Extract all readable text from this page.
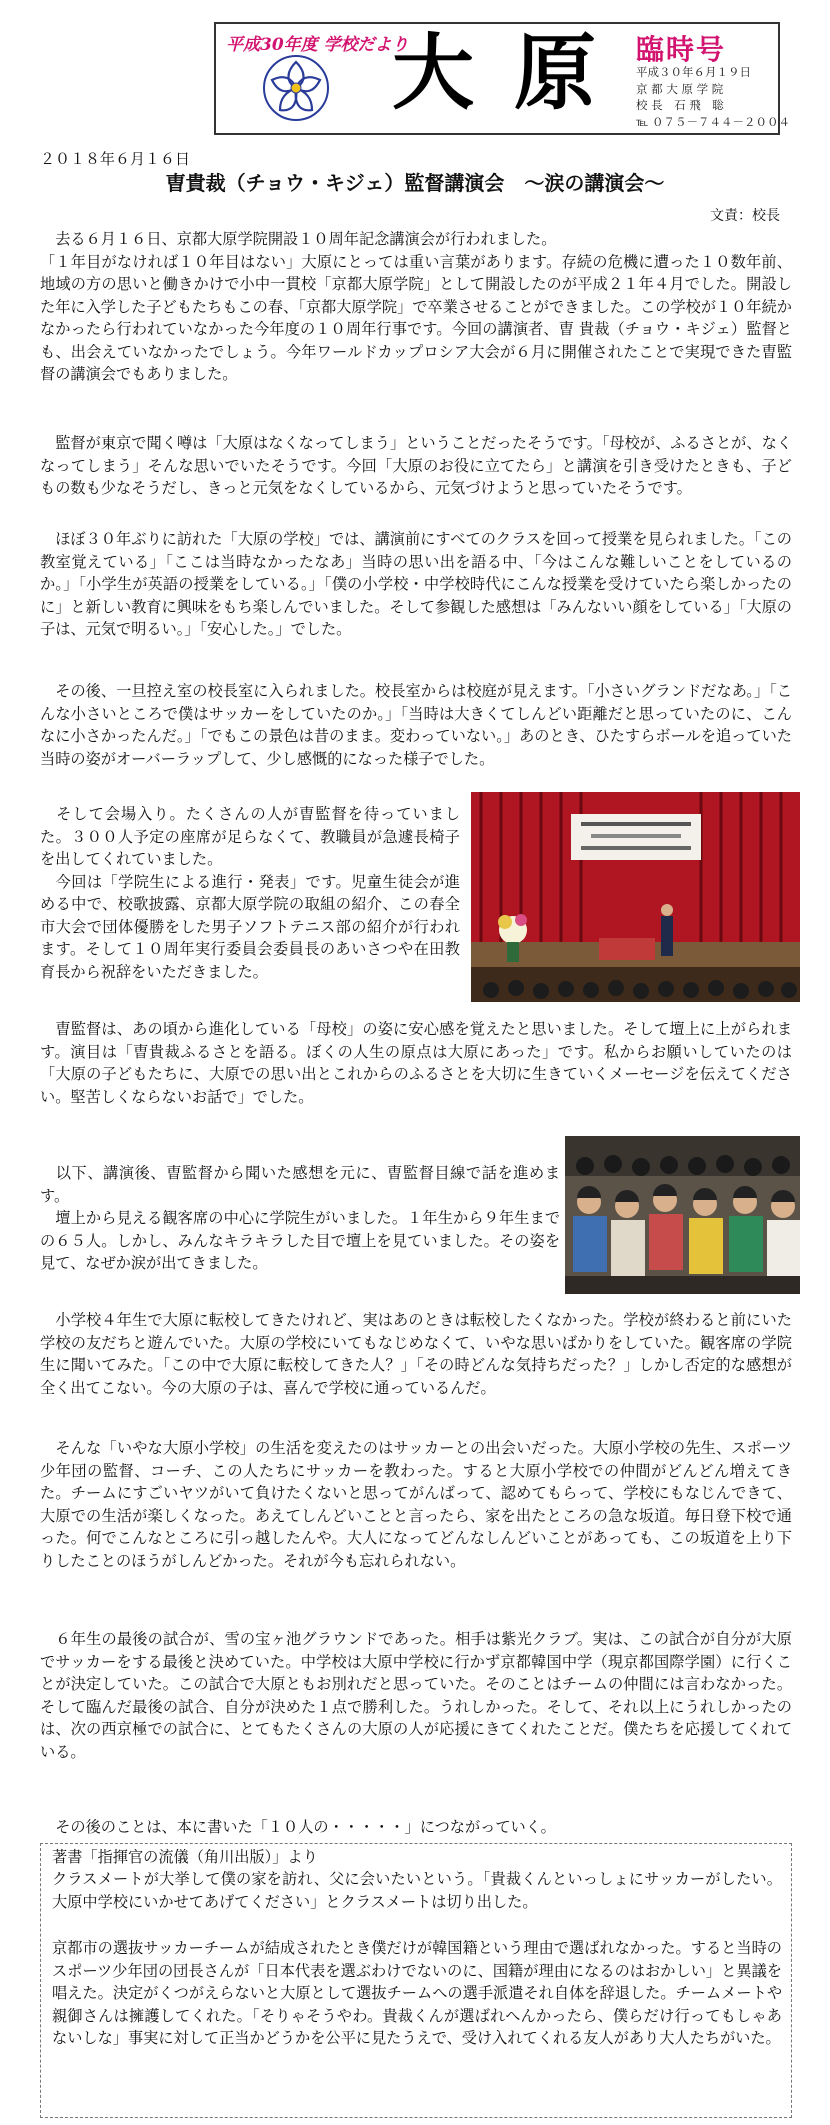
平成30年度 学校だより
大原 臨時号
平成３０年６月１９日
京 都 大 原 学 院
校 長　石 飛　聡
℡ ０７５－７４４－２００４
２０１８年６月１６日
曺貴裁（チョウ・キジェ）監督講演会　～涙の講演会～
文責：校長

　去る６月１６日、京都大原学院開設１０周年記念講演会が行われました。
「１年目がなければ１０年目はない」大原にとっては重い言葉があります。存続の危機に遭った１０数年前、地域の方の思いと働きかけで小中一貫校「京都大原学院」として開設したのが平成２１年４月でした。開設した年に入学した子どもたちもこの春、「京都大原学院」で卒業させることができました。この学校が１０年続かなかったら行われていなかった今年度の１０周年行事です。今回の講演者、曺 貴裁（チョウ・キジェ）監督とも、出会えていなかったでしょう。今年ワールドカップロシア大会が６月に開催されたことで実現できた曺監督の講演会でもありました。

　監督が東京で聞く噂は「大原はなくなってしまう」ということだったそうです。「母校が、ふるさとが、なくなってしまう」そんな思いでいたそうです。今回「大原のお役に立てたら」と講演を引き受けたときも、子どもの数も少なそうだし、きっと元気をなくしているから、元気づけようと思っていたそうです。

　ほぼ３０年ぶりに訪れた「大原の学校」では、講演前にすべてのクラスを回って授業を見られました。「この教室覚えている」「ここは当時なかったなあ」当時の思い出を語る中、「今はこんな難しいことをしているのか。」「小学生が英語の授業をしている。」「僕の小学校・中学校時代にこんな授業を受けていたら楽しかったのに」と新しい教育に興味をもち楽しんでいました。そして参観した感想は「みんないい顔をしている」「大原の子は、元気で明るい。」「安心した。」でした。

　その後、一旦控え室の校長室に入られました。校長室からは校庭が見えます。「小さいグランドだなあ。」「こんな小さいところで僕はサッカーをしていたのか。」「当時は大きくてしんどい距離だと思っていたのに、こんなに小さかったんだ。」「でもこの景色は昔のまま。変わっていない。」あのとき、ひたすらボールを追っていた当時の姿がオーバーラップして、少し感慨的になった様子でした。

　そして会場入り。たくさんの人が曺監督を待っていました。３００人予定の座席が足らなくて、教職員が急遽長椅子を出してくれていました。
　今回は「学院生による進行・発表」です。児童生徒会が進める中で、校歌披露、京都大原学院の取組の紹介、この春全市大会で団体優勝をした男子ソフトテニス部の紹介が行われます。そして１０周年実行委員会委員長のあいさつや在田教育長から祝辞をいただきました。

　曺監督は、あの頃から進化している「母校」の姿に安心感を覚えたと思いました。そして壇上に上がられます。演目は「曺貴裁ふるさとを語る。ぼくの人生の原点は大原にあった」です。私からお願いしていたのは「大原の子どもたちに、大原での思い出とこれからのふるさとを大切に生きていくメーセージを伝えてください。堅苦しくならないお話で」でした。

　以下、講演後、曺監督から聞いた感想を元に、曺監督目線で話を進めます。
　壇上から見える観客席の中心に学院生がいました。１年生から９年生までの６５人。しかし、みんなキラキラした目で壇上を見ていました。その姿を見て、なぜか涙が出てきました。

　小学校４年生で大原に転校してきたけれど、実はあのときは転校したくなかった。学校が終わると前にいた学校の友だちと遊んでいた。大原の学校にいてもなじめなくて、いやな思いばかりをしていた。観客席の学院生に聞いてみた。「この中で大原に転校してきた人？」「その時どんな気持ちだった？」しかし否定的な感想が全く出てこない。今の大原の子は、喜んで学校に通っているんだ。

　そんな「いやな大原小学校」の生活を変えたのはサッカーとの出会いだった。大原小学校の先生、スポーツ少年団の監督、コーチ、この人たちにサッカーを教わった。すると大原小学校での仲間がどんどん増えてきた。チームにすごいヤツがいて負けたくないと思ってがんばって、認めてもらって、学校にもなじんできて、大原での生活が楽しくなった。あえてしんどいことと言ったら、家を出たところの急な坂道。毎日登下校で通った。何でこんなところに引っ越したんや。大人になってどんなしんどいことがあっても、この坂道を上り下りしたことのほうがしんどかった。それが今も忘れられない。

　６年生の最後の試合が、雪の宝ヶ池グラウンドであった。相手は紫光クラブ。実は、この試合が自分が大原でサッカーをする最後と決めていた。中学校は大原中学校に行かず京都韓国中学（現京都国際学園）に行くことが決定していた。この試合で大原ともお別れだと思っていた。そのことはチームの仲間には言わなかった。そして臨んだ最後の試合、自分が決めた１点で勝利した。うれしかった。そして、それ以上にうれしかったのは、次の西京極での試合に、とてもたくさんの大原の人が応援にきてくれたことだ。僕たちを応援してくれている。

　その後のことは、本に書いた「１０人の・・・・・」につながっていく。

著書「指揮官の流儀（角川出版）」より

クラスメートが大挙して僕の家を訪れ、父に会いたいという。「貴裁くんといっしょにサッカーがしたい。大原中学校にいかせてあげてください」とクラスメートは切り出した。

京都市の選抜サッカーチームが結成されたとき僕だけが韓国籍という理由で選ばれなかった。すると当時のスポーツ少年団の団長さんが「日本代表を選ぶわけでないのに、国籍が理由になるのはおかしい」と異議を唱えた。決定がくつがえらないと大原として選抜チームへの選手派遣それ自体を辞退した。チームメートや親御さんは擁護してくれた。「そりゃそうやわ。貴裁くんが選ばれへんかったら、僕らだけ行ってもしゃあないしな」事実に対して正当かどうかを公平に見たうえで、受け入れてくれる友人があり大人たちがいた。
